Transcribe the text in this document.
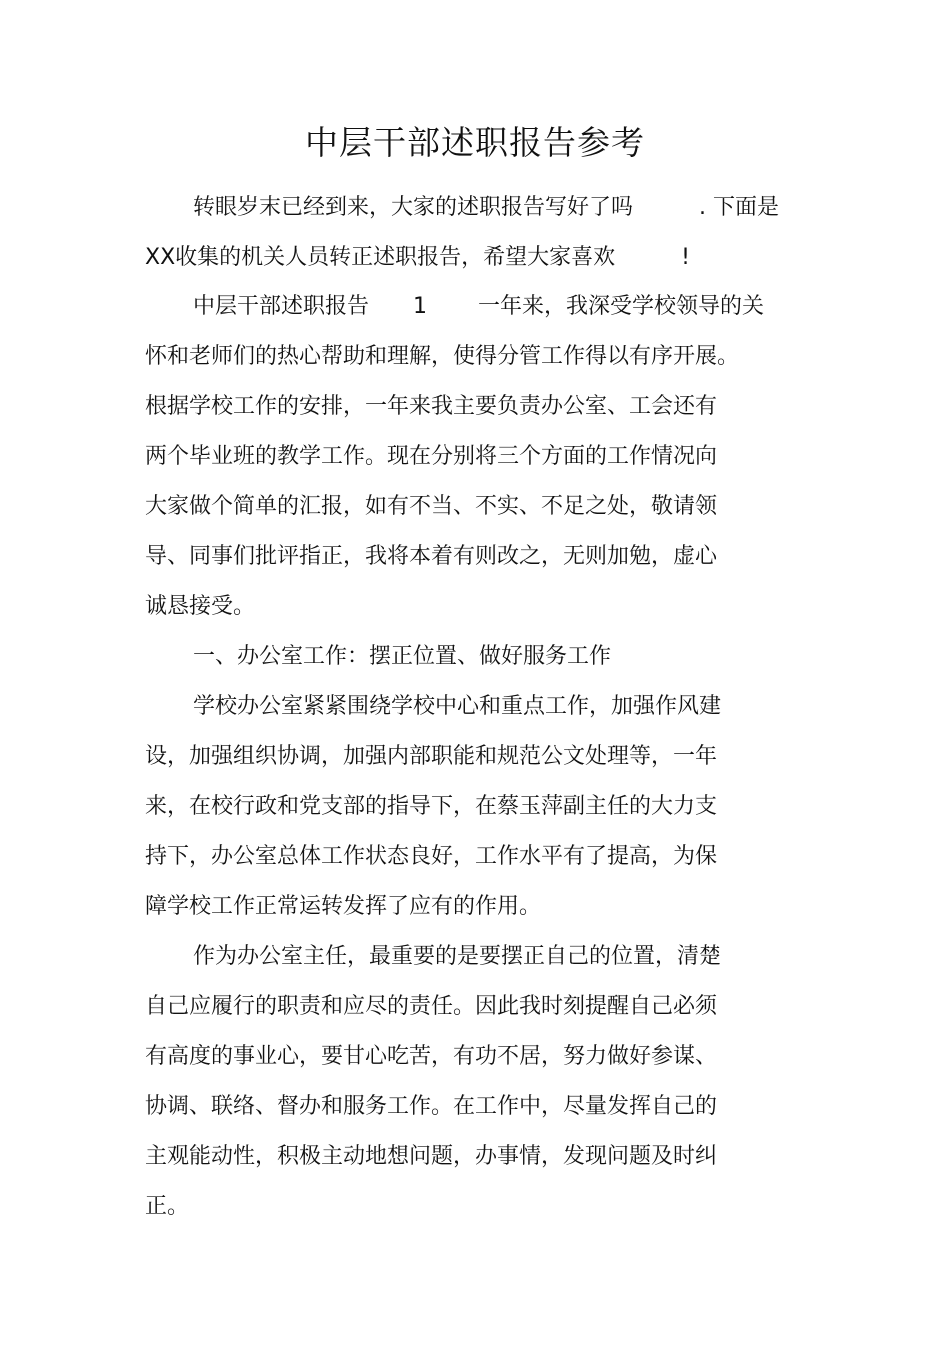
中层干部述职报告参考
转眼岁末已经到来，大家的述职报告写好了吗　　　. 下面是
XX收集的机关人员转正述职报告，希望大家喜欢　　　!
中层干部述职报告　　1　　 一年来，我深受学校领导的关
怀和老师们的热心帮助和理解，使得分管工作得以有序开展。
根据学校工作的安排，一年来我主要负责办公室、工会还有
两个毕业班的教学工作。现在分别将三个方面的工作情况向
大家做个简单的汇报，如有不当、不实、不足之处，敬请领
导、同事们批评指正，我将本着有则改之，无则加勉，虚心
诚恳接受。
一、办公室工作：摆正位置、做好服务工作
学校办公室紧紧围绕学校中心和重点工作，加强作风建
设，加强组织协调，加强内部职能和规范公文处理等，一年
来，在校行政和党支部的指导下，在蔡玉萍副主任的大力支
持下，办公室总体工作状态良好，工作水平有了提高，为保
障学校工作正常运转发挥了应有的作用。
作为办公室主任，最重要的是要摆正自己的位置，清楚
自己应履行的职责和应尽的责任。因此我时刻提醒自己必须
有高度的事业心，要甘心吃苦，有功不居，努力做好参谋、
协调、联络、督办和服务工作。在工作中，尽量发挥自己的
主观能动性，积极主动地想问题，办事情，发现问题及时纠
正。
